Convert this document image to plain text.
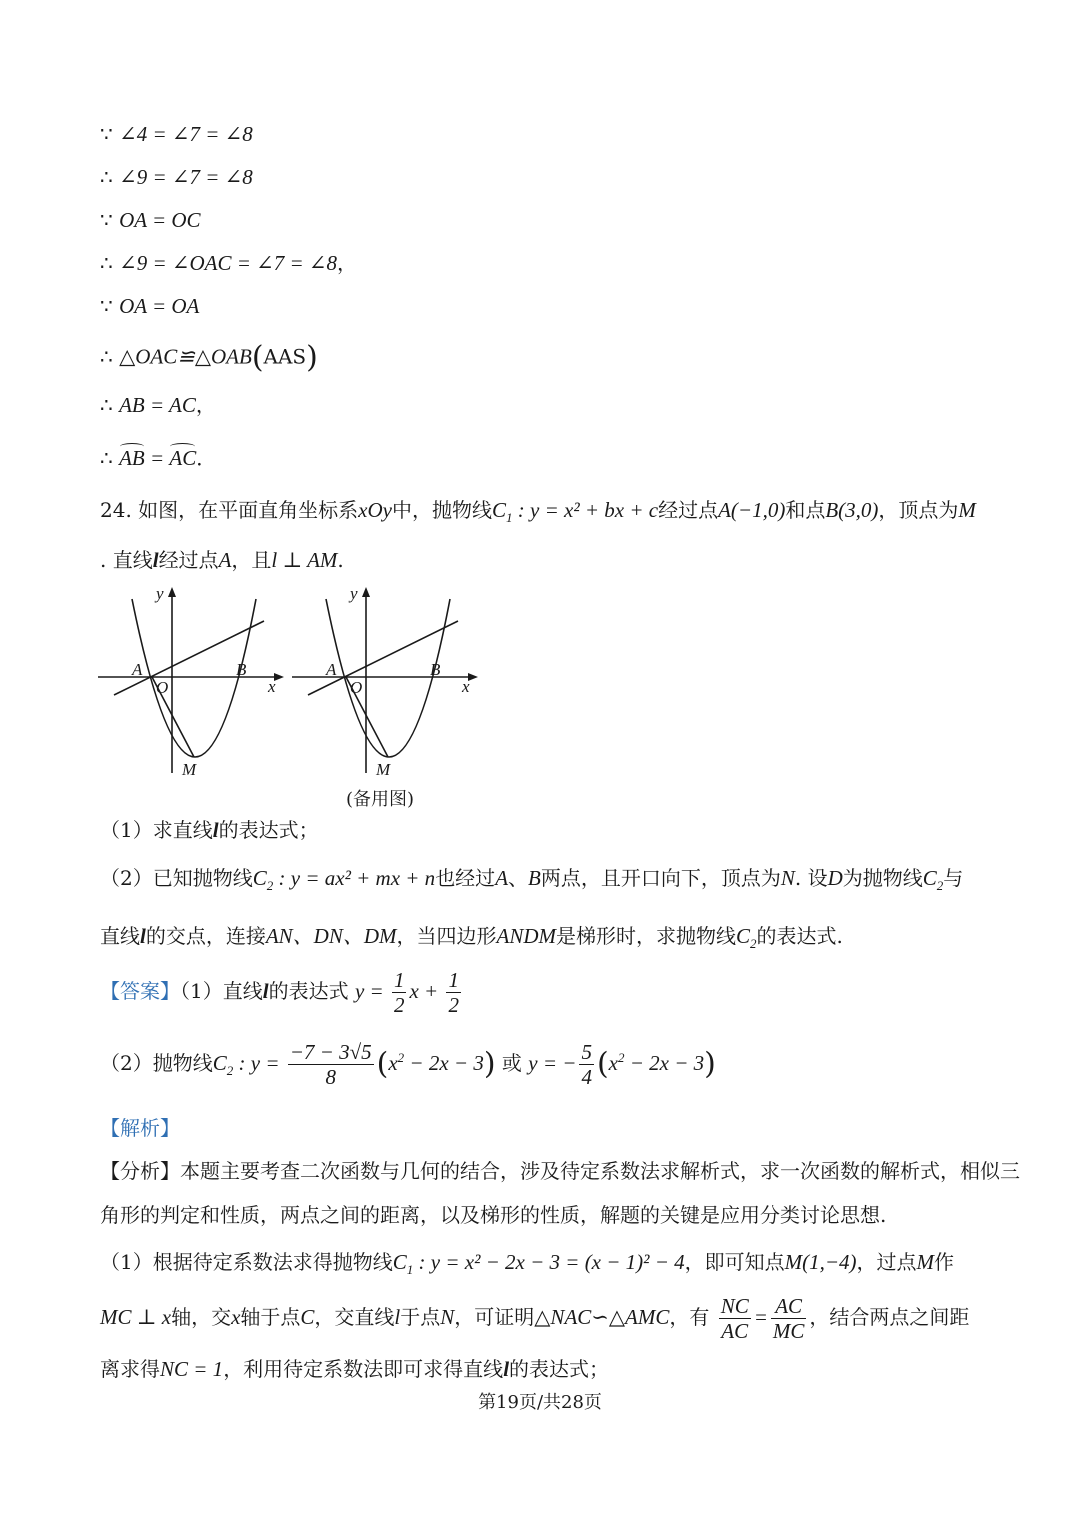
∵ ∠4 = ∠7 = ∠8
∴ ∠9 = ∠7 = ∠8
∵ OA = OC
∴ ∠9 = ∠OAC = ∠7 = ∠8，
∵ OA = OA
∴ △OAC≌△OAB(AAS)
∴ AB = AC，
∴ AB = AC．
24. 如图，在平面直角坐标系xOy中，抛物线$C_1$ : y = x² + bx + c经过点A(−1,0)和点B(3,0)，顶点为M
. 直线l经过点A，且l ⊥ AM.
y
x
A	B
O
M
y
x
A	B
O
M
(备用图)
（1）求直线l的表达式；
（2）已知抛物线$C_2$ : y = ax² + mx + n也经过A、B两点，且开口向下，顶点为N. 设D为抛物线$C_2$与
直线l的交点，连接AN、DN、DM，当四边形ANDM是梯形时，求抛物线$C_2$的表达式.
【答案】（1）直线l的表达式 $y = \frac{1}{2}$ $x + \frac{1}{2}$
（2）抛物线$C_2$ : $y = \frac{-7 - 3√5}{8} (x^2 - 2x - 3)$ 或 y = − $\frac{5}{4} (x^2 - 2x - 3)$
【解析】
【分析】本题主要考查二次函数与几何的结合，涉及待定系数法求解析式，求一次函数的解析式，相似三
角形的判定和性质，两点之间的距离，以及梯形的性质，解题的关键是应用分类讨论思想.
（1）根据待定系数法求得抛物线$C_1$ : y = x² − 2x − 3 = (x − 1)² − 4，即可知点M(1,−4)，过点M作
MC ⊥ x轴，交x轴于点C，交直线l于点N，可证明△NAC∽△AMC，有 $\frac{NC}{AC} = \frac{AC}{MC}$ ，结合两点之间距
离求得NC = 1，利用待定系数法即可求得直线l的表达式；
第19页/共28页
